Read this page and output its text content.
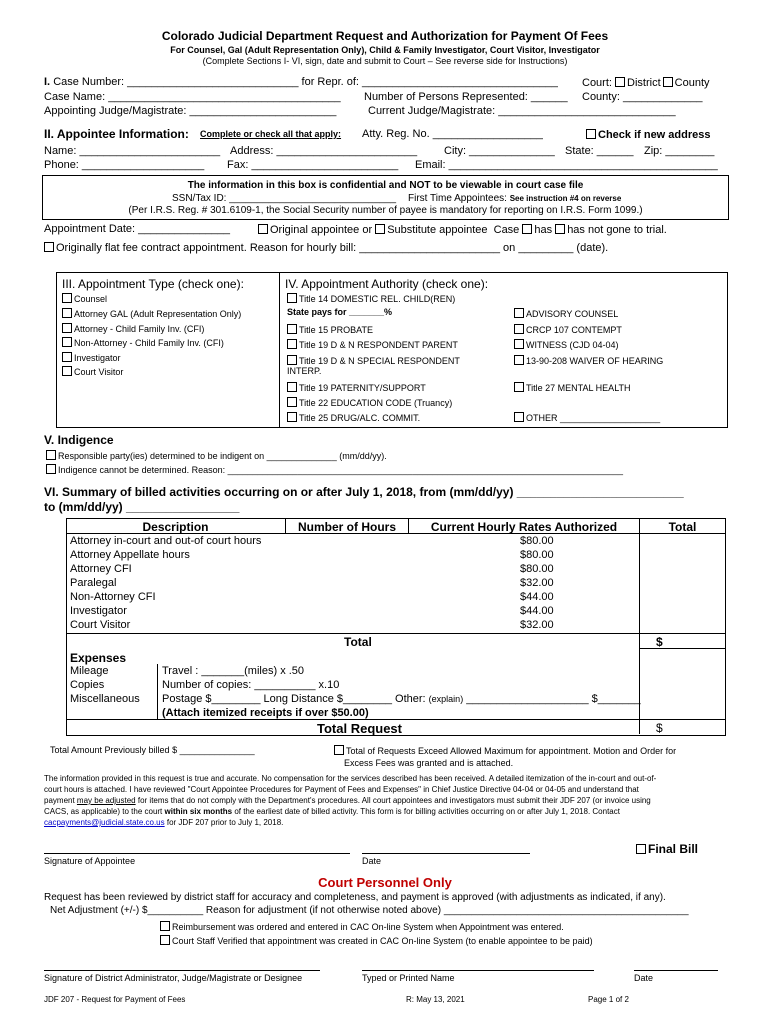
Colorado Judicial Department Request and Authorization for Payment Of Fees
For Counsel, Gal (Adult Representation Only), Child & Family Investigator, Court Visitor, Investigator
(Complete Sections I- VI, sign, date and submit to Court – See reverse side for Instructions)
I. Case Number: ____________________________ for Repr. of: ________________________________ Court: District County
Case Name: ______________________________________ Number of Persons Represented: ______ County: _____________
Appointing Judge/Magistrate: ________________________	Current Judge/Magistrate: _____________________________
II. Appointee Information: Complete or check all that apply: Atty. Reg. No. __________________	Check if new address
Name: _______________________ Address: _______________________ City: ______________ State: ______ Zip: ________
Phone: ____________________ Fax: ________________________ Email: ____________________________________________
The information in this box is confidential and NOT to be viewable in court case file
SSN/Tax ID: ______________________________ First Time Appointees: See instruction #4 on reverse
(Per I.R.S. Reg. # 301.6109-1, the Social Security number of payee is mandatory for reporting on I.R.S. Form 1099.)
Appointment Date: _______________	Original appointee or Substitute appointee Case has has not gone to trial.
Originally flat fee contract appointment. Reason for hourly bill: _______________________ on _________ (date).
III. Appointment Type (check one):
Counsel
Attorney GAL (Adult Representation Only)
Attorney - Child Family Inv. (CFI)
Non-Attorney - Child Family Inv. (CFI)
Investigator
Court Visitor
IV. Appointment Authority (check one):
Title 14 DOMESTIC REL. CHILD(REN)
State pays for _______%
Title 15 PROBATE
Title 19 D & N RESPONDENT PARENT
Title 19 D & N SPECIAL RESPONDENT
INTERP.
Title 19 PATERNITY/SUPPORT
Title 22 EDUCATION CODE (Truancy)
Title 25 DRUG/ALC. COMMIT.
ADVISORY COUNSEL
CRCP 107 CONTEMPT
WITNESS (CJD 04-04)
13-90-208 WAIVER OF HEARING
Title 27 MENTAL HEALTH
OTHER ____________________
V. Indigence
Responsible party(ies) determined to be indigent on ______________ (mm/dd/yy).
Indigence cannot be determined. Reason: _______________________________________________________________________________
VI. Summary of billed activities occurring on or after July 1, 2018, from (mm/dd/yy) _________________________
to (mm/dd/yy) _________________
Description	Number of Hours	Current Hourly Rates Authorized	Total
Attorney in-court and out-of court hours	$80.00
Attorney Appellate hours	$80.00
Attorney CFI	$80.00
Paralegal	$32.00
Non-Attorney CFI	$44.00
Investigator	$44.00
Court Visitor	$32.00
Total	$
Expenses
Mileage	Travel : _______(miles) x .50
Copies	Number of copies: __________ x.10
Miscellaneous Postage $________ Long Distance $________ Other: (explain) ____________________ $_______
(Attach itemized receipts if over $50.00)
Total Request	$
Total Amount Previously billed $ _______________	Total of Requests Exceed Allowed Maximum for appointment. Motion and Order for
Excess Fees was granted and is attached.
The information provided in this request is true and accurate. No compensation for the services described has been received. A detailed itemization of the in-court and out-of-
court hours is attached. I have reviewed "Court Appointee Procedures for Payment of Fees and Expenses" in Chief Justice Directive 04-04 or 04-05 and understand that
payment may be adjusted for items that do not comply with the Department's procedures. All court appointees and investigators must submit their JDF 207 (or invoice using
CACS, as applicable) to the court within six months of the earliest date of billed activity. This form is for billing activities occurring on or after July 1, 2018. Contact
cacpayments@judicial.state.co.us for JDF 207 prior to July 1, 2018.
Signature of Appointee	Date
Final Bill
Court Personnel Only
Request has been reviewed by district staff for accuracy and completeness, and payment is approved (with adjustments as indicated, if any).
Net Adjustment (+/-) $__________ Reason for adjustment (if not otherwise noted above) ____________________________________________
Reimbursement was ordered and entered in CAC On-line System when Appointment was entered.
Court Staff Verified that appointment was created in CAC On-line System (to enable appointee to be paid)
Signature of District Administrator, Judge/Magistrate or Designee	Typed or Printed Name	Date
JDF 207 - Request for Payment of Fees	R: May 13, 2021	Page 1 of 2
